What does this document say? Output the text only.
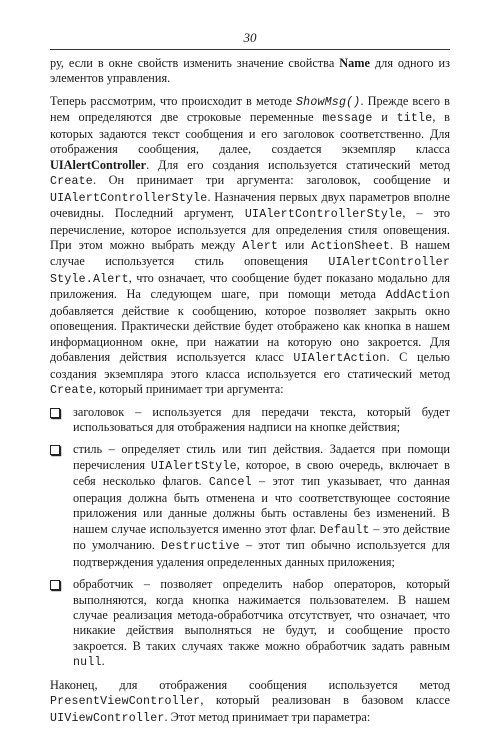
30

ру, если в окне свойств изменить значение свойства Name для одного из элементов управления.

Теперь рассмотрим, что происходит в методе ShowMsg(). Прежде всего в нем определяются две строковые переменные message и title, в которых задаются текст сообщения и его заголовок соответственно. Для отображения сообщения, далее, создается экземпляр класса UIAlertController. Для его создания используется статический метод Create. Он принимает три аргумента: заголовок, сообщение и UIAlertControllerStyle. Назначения первых двух параметров вполне очевидны. Последний аргумент, UIAlertControllerStyle, – это перечисление, которое используется для определения стиля оповещения. При этом можно выбрать между Alert или ActionSheet. В нашем случае используется стиль оповещения UIAlertController Style.Alert, что означает, что сообщение будет показано модально для приложения. На следующем шаге, при помощи метода AddAction добавляется действие к сообщению, которое позволяет закрыть окно оповещения. Практически действие будет отображено как кнопка в нашем информационном окне, при нажатии на которую оно закроется. Для добавления действия используется класс UIAlertAction. С целью создания экземпляра этого класса используется его статический метод Create, который принимает три аргумента:

заголовок – используется для передачи текста, который будет использоваться для отображения надписи на кнопке действия;
стиль – определяет стиль или тип действия. Задается при помощи перечисления UIAlertStyle, которое, в свою очередь, включает в себя несколько флагов. Cancel – этот тип указывает, что данная операция должна быть отменена и что соответствующее состояние приложения или данные должны быть оставлены без изменений. В нашем случае используется именно этот флаг. Default – это действие по умолчанию. Destructive – этот тип обычно используется для подтверждения удаления определенных данных приложения;
обработчик – позволяет определить набор операторов, который выполняются, когда кнопка нажимается пользователем. В нашем случае реализация метода-обработчика отсутствует, что означает, что никакие действия выполняться не будут, и сообщение просто закроется. В таких случаях также можно обработчик задать равным null.

Наконец, для отображения сообщения используется метод PresentViewController, который реализован в базовом классе UIViewController. Этот метод принимает три параметра:
